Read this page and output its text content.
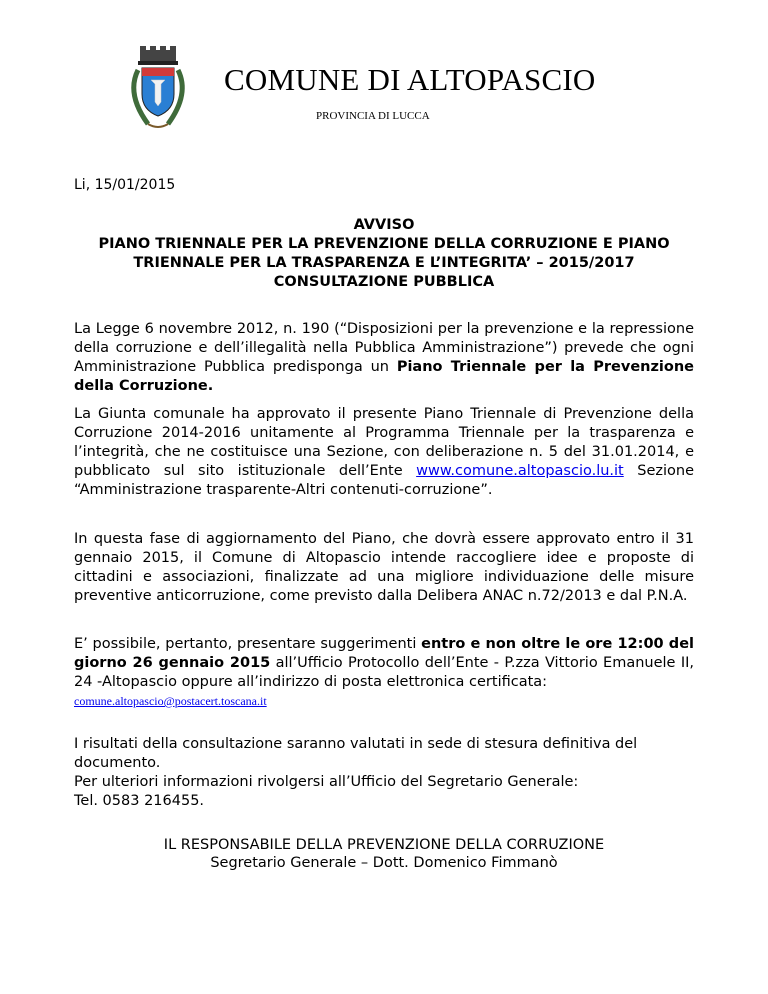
COMUNE DI ALTOPASCIO
PROVINCIA DI LUCCA
Li, 15/01/2015
AVVISO
PIANO TRIENNALE PER LA PREVENZIONE DELLA CORRUZIONE E PIANO
TRIENNALE PER LA TRASPARENZA E L’INTEGRITA’ – 2015/2017
CONSULTAZIONE PUBBLICA
La Legge 6 novembre 2012, n. 190 (“Disposizioni per la prevenzione e la repressione della corruzione e dell’illegalità nella Pubblica Amministrazione”) prevede che ogni Amministrazione Pubblica predisponga un Piano Triennale per la Prevenzione della Corruzione.
La Giunta comunale ha approvato il presente Piano Triennale di Prevenzione della Corruzione 2014-2016 unitamente al Programma Triennale per la trasparenza e l’integrità, che ne costituisce una Sezione, con deliberazione n. 5 del 31.01.2014, e pubblicato sul sito istituzionale dell’Ente www.comune.altopascio.lu.it Sezione “Amministrazione trasparente-Altri contenuti-corruzione”.
In questa fase di aggiornamento del Piano, che dovrà essere approvato entro il 31 gennaio 2015, il Comune di Altopascio intende raccogliere idee e proposte di cittadini e associazioni, finalizzate ad una migliore individuazione delle misure preventive anticorruzione, come previsto dalla Delibera ANAC n.72/2013 e dal P.N.A.
E’ possibile, pertanto, presentare suggerimenti entro e non oltre le ore 12:00 del giorno 26 gennaio 2015 all’Ufficio Protocollo dell’Ente - P.zza Vittorio Emanuele II, 24 -Altopascio oppure all’indirizzo di posta elettronica certificata:
comune.altopascio@postacert.toscana.it
I risultati della consultazione saranno valutati in sede di stesura definitiva del documento.
Per ulteriori informazioni rivolgersi all’Ufficio del Segretario Generale:
Tel. 0583 216455.
IL RESPONSABILE DELLA PREVENZIONE DELLA CORRUZIONE
Segretario Generale – Dott. Domenico Fimmanò
